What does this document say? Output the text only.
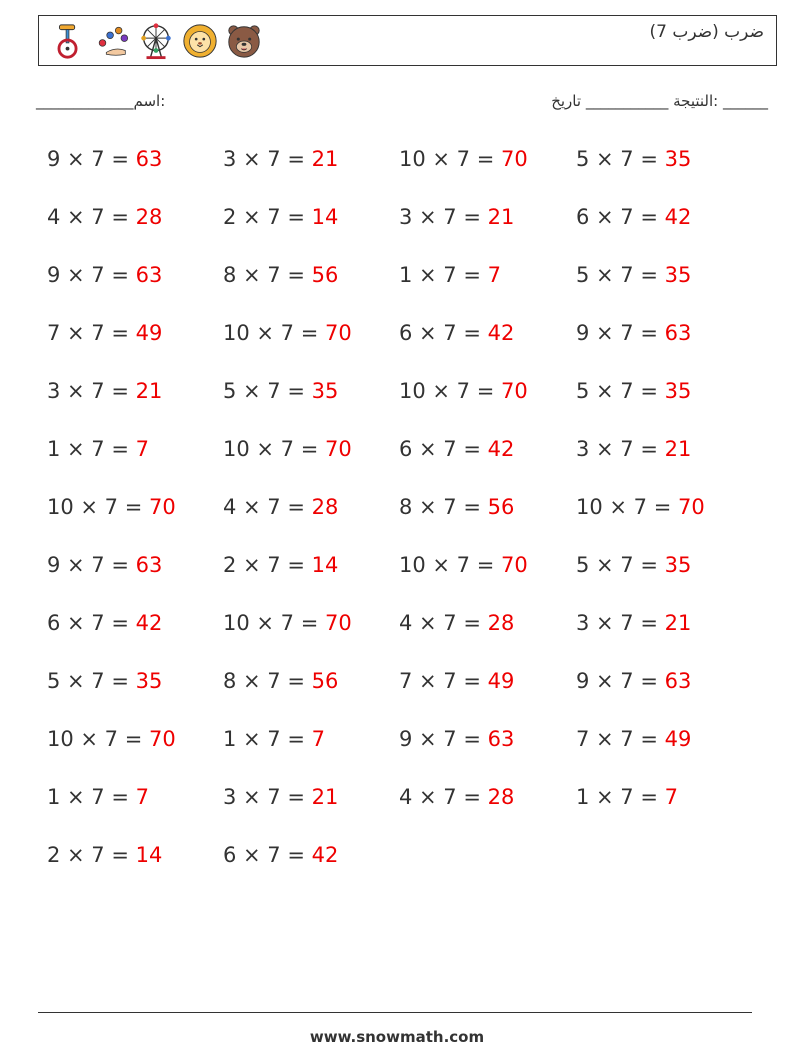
ضرب (ضرب 7)
_____________اسم:	النتيجة ___________ تاريخ: ______
9 × 7 = 63	3 × 7 = 21	10 × 7 = 70 5 × 7 = 35
4 × 7 = 28	2 × 7 = 14	3 × 7 = 21	6 × 7 = 42
9 × 7 = 63	8 × 7 = 56	1 × 7 = 7	5 × 7 = 35
7 × 7 = 49	10 × 7 = 70 6 × 7 = 42	9 × 7 = 63
3 × 7 = 21	5 × 7 = 35	10 × 7 = 70 5 × 7 = 35
1 × 7 = 7	10 × 7 = 70 6 × 7 = 42	3 × 7 = 21
10 × 7 = 70 4 × 7 = 28	8 × 7 = 56	10 × 7 = 70
9 × 7 = 63	2 × 7 = 14	10 × 7 = 70 5 × 7 = 35
6 × 7 = 42	10 × 7 = 70 4 × 7 = 28	3 × 7 = 21
5 × 7 = 35	8 × 7 = 56	7 × 7 = 49	9 × 7 = 63
10 × 7 = 70 1 × 7 = 7	9 × 7 = 63	7 × 7 = 49
1 × 7 = 7	3 × 7 = 21	4 × 7 = 28	1 × 7 = 7
2 × 7 = 14	6 × 7 = 42
www.snowmath.com
